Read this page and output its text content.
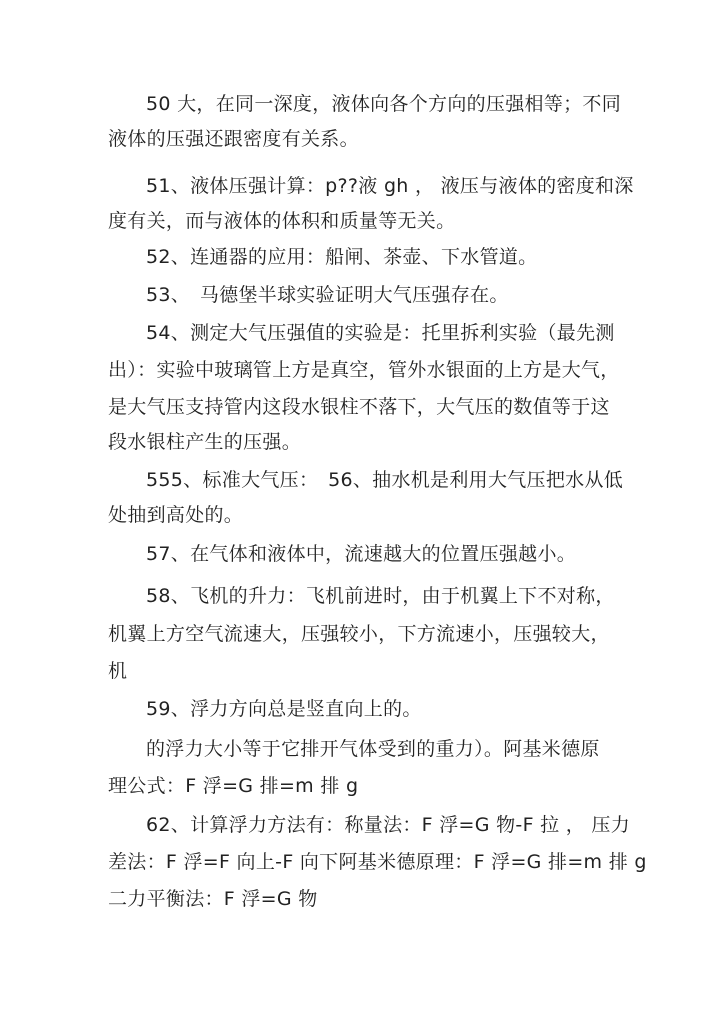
50 大，在同一深度，液体向各个方向的压强相等；不同
液体的压强还跟密度有关系。
51、液体压强计算：p??液 gh ， 液压与液体的密度和深
度有关，而与液体的体积和质量等无关。
52、连通器的应用：船闸、茶壶、下水管道。
53、　马德堡半球实验证明大气压强存在。
54、测定大气压强值的实验是：托里拆利实验（最先测
出）：实验中玻璃管上方是真空，管外水银面的上方是大气，
是大气压支持管内这段水银柱不落下，大气压的数值等于这
段水银柱产生的压强。
555、标准大气压：　56、抽水机是利用大气压把水从低
处抽到高处的。
57、在气体和液体中，流速越大的位置压强越小。
58、飞机的升力：飞机前进时，由于机翼上下不对称，
机翼上方空气流速大，压强较小，下方流速小，压强较大，
机
59、浮力方向总是竖直向上的。
的浮力大小等于它排开气体受到的重力）。阿基米德原
理公式：F 浮=G 排=m 排 g
62、计算浮力方法有：称量法：F 浮=G 物-F 拉 ， 压力
差法：F 浮=F 向上-F 向下阿基米德原理：F 浮=G 排=m 排 g
二力平衡法：F 浮=G 物
